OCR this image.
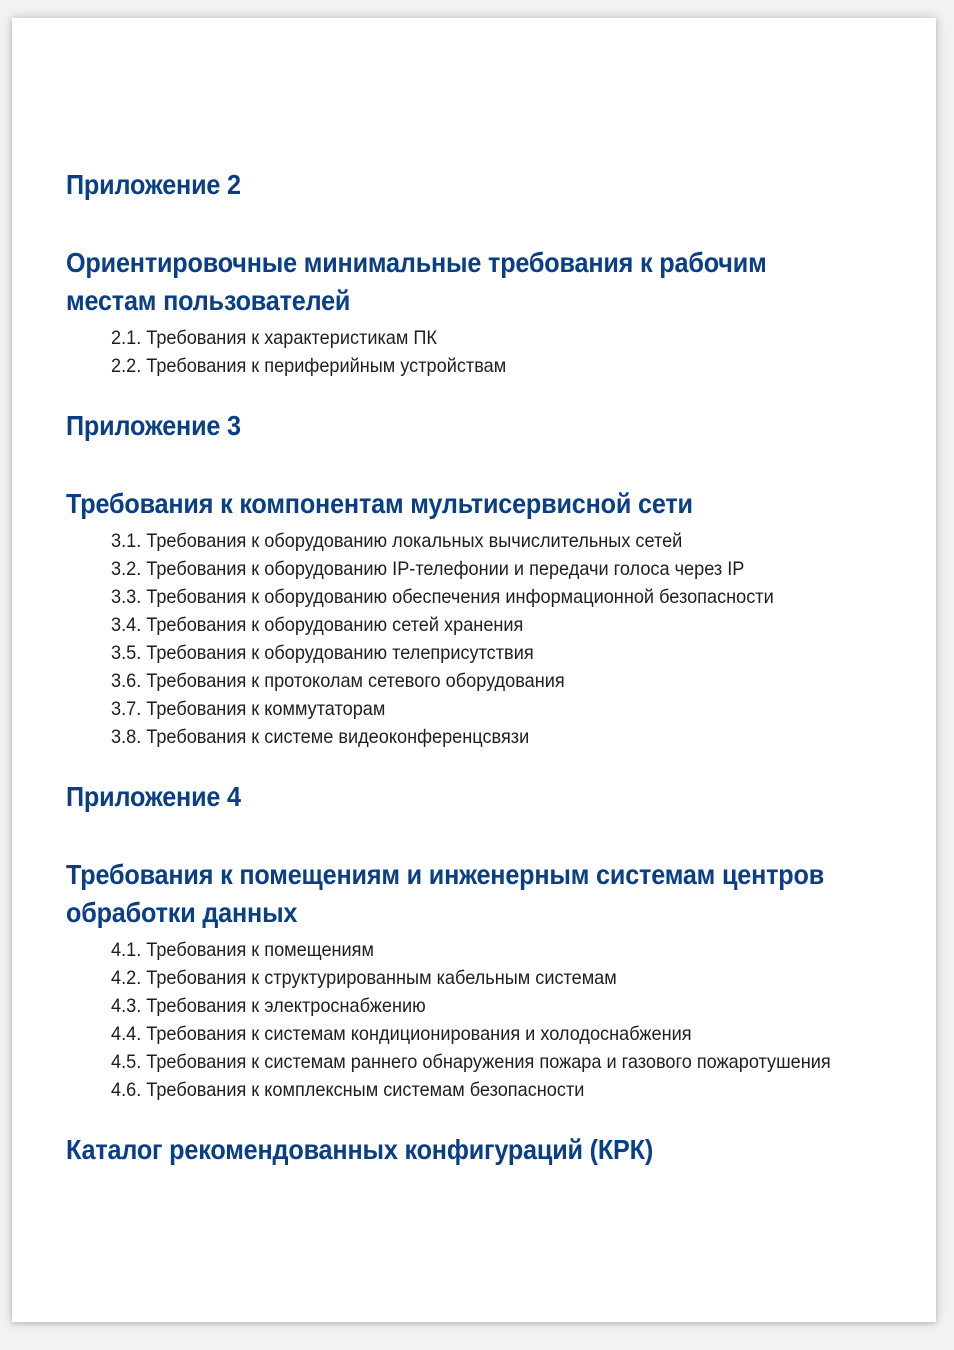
Приложение 2
Ориентировочные минимальные требования к рабочим
местам пользователей
2.1. Требования к характеристикам ПК
2.2. Требования к периферийным устройствам
Приложение 3
Требования к компонентам мультисервисной сети
3.1. Требования к оборудованию локальных вычислительных сетей
3.2. Требования к оборудованию IP-телефонии и передачи голоса через IP
3.3. Требования к оборудованию обеспечения информационной безопасности
3.4. Требования к оборудованию сетей хранения
3.5. Требования к оборудованию телеприсутствия
3.6. Требования к протоколам сетевого оборудования
3.7. Требования к коммутаторам
3.8. Требования к системе видеоконференцсвязи
Приложение 4
Требования к помещениям и инженерным системам центров
обработки данных
4.1. Требования к помещениям
4.2. Требования к структурированным кабельным системам
4.3. Требования к электроснабжению
4.4. Требования к системам кондиционирования и холодоснабжения
4.5. Требования к системам раннего обнаружения пожара и газового пожаротушения
4.6. Требования к комплексным системам безопасности
Каталог рекомендованных конфигураций (КРК)
